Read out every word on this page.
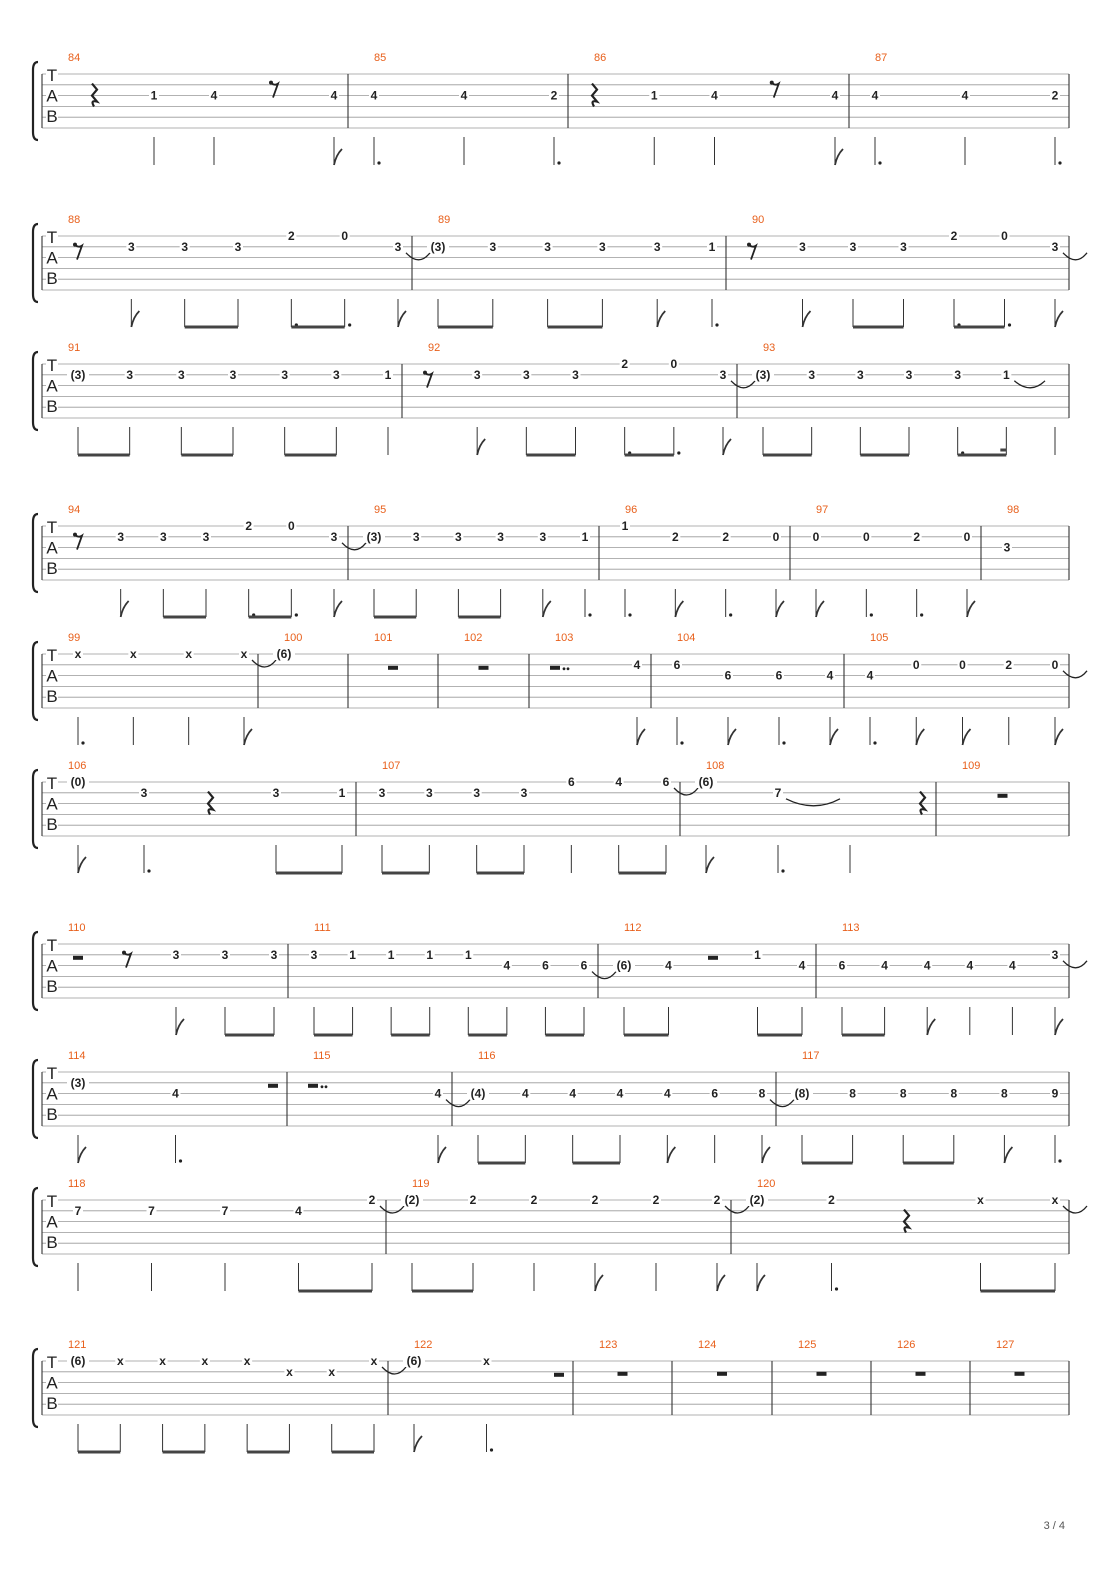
T
A
B
84
1	4	4
85
4	4	2
86
1	4	4
87
4	4	2
T
A
B
88
3	3	3
2	0
3
89
(3)	3	3	3	3	1
90
3	3	3
2	0
3
T
A
B
91
(3)	3	3	3	3	3	1
92
3	3	3
2	0
3
93
(3)	3	3	3	3	1
T
A
B
94
3	3	3
2	0
3
95
(3)	3	3	3	3	1
96
1
2	2	0
97
0	0	2	0
98
3
T
A
B
99
x	x	x	x
100
(6)
101	102	103
4
104
6
6	6	4
105
4
0	0	2	0
T
A
B
106
(0)
3	3	1
107
3	3	3	3
6	4	6
108
(6)
7
109
T
A
B
110
3	3	3
111
3	1	1	1	1
4	6	6
112
(6)	4
1
4
113
6	4	4	4	4
3
T
A
B
114
(3)
4
115
4
116
(4)	4	4	4	4	6	8
117
(8)	8	8	8	8	9
T
A
B
118
7	7	7	4
2
119
(2)	2	2	2	2	2
120
(2)	2	x	x
T
A
B
121
(6)	x	x	x	x
x	x
x
122
(6)	x
123	124	125	126	127
3 / 4
